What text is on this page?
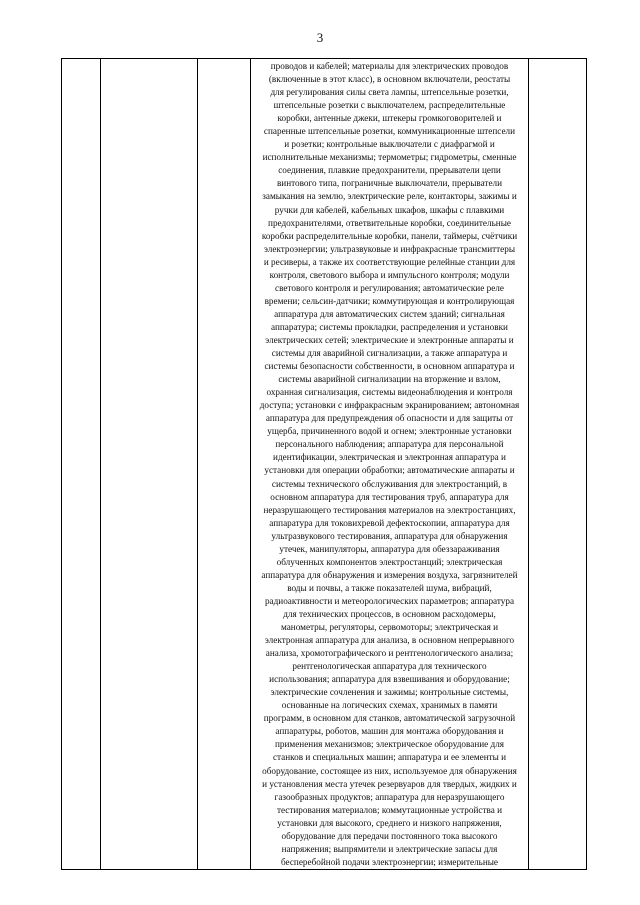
3

проводов и кабелей; материалы для электрических проводов
(включенные в этот класс), в основном включатели, реостаты
для регулирования силы света лампы, штепсельные розетки,
штепсельные розетки с выключателем, распределительные
коробки, антенные джеки, штекеры громкоговорителей и
спаренные штепсельные розетки, коммуникационные штепсели
и розетки; контрольные выключатели с диафрагмой и
исполнительные механизмы; термометры; гидрометры, сменные
соединения, плавкие предохранители, прерыватели цепи
винтового типа, пограничные выключатели, прерыватели
замыкания на землю, электрические реле, контакторы, зажимы и
ручки для кабелей, кабельных шкафов, шкафы с плавкими
предохранителями, ответвительные коробки, соединительные
коробки распределительные коробки, панели, таймеры, счётчики
электроэнергии; ультразвуковые и инфракрасные трансмиттеры
и ресиверы, а также их соответствующие релейные станции для
контроля, светового выбора и импульсного контроля; модули
светового контроля и регулирования; автоматические реле
времени; сельсин-датчики; коммутирующая и контролирующая
аппаратура для автоматических систем зданий; сигнальная
аппаратура; системы прокладки, распределения и установки
электрических сетей; электрические и электронные аппараты и
системы для аварийной сигнализации, а также аппаратура и
системы безопасности собственности, в основном аппаратура и
системы аварийной сигнализации на вторжение и взлом,
охранная сигнализация, системы видеонаблюдения и контроля
доступа; установки с инфракрасным экранированием; автономная
аппаратура для предупреждения об опасности и для защиты от
ущерба, причиненного водой и огнем; электронные установки
персонального наблюдения; аппаратура для персональной
идентификации, электрическая и электронная аппаратура и
установки для операции обработки; автоматические аппараты и
системы технического обслуживания для электростанций, в
основном аппаратура для тестирования труб, аппаратура для
неразрушающего тестирования материалов на электростанциях,
аппаратура для токовихревой дефектоскопии, аппаратура для
ультразвукового тестирования, аппаратура для обнаружения
утечек, манипуляторы, аппаратура для обеззараживания
облученных компонентов электростанций; электрическая
аппаратура для обнаружения и измерения воздуха, загрязнителей
воды и почвы, а также показателей шума, вибраций,
радиоактивности и метеорологических параметров; аппаратура
для технических процессов, в основном расходомеры,
манометры, регуляторы, сервомоторы; электрическая и
электронная аппаратура для анализа, в основном непрерывного
анализа, хромотографического и рентгенологического анализа;
рентгенологическая аппаратура для технического
использования; аппаратура для взвешивания и оборудование;
электрические сочленения и зажимы; контрольные системы,
основанные на логических схемах, хранимых в памяти
программ, в основном для станков, автоматической загрузочной
аппаратуры, роботов, машин для монтажа оборудования и
применения механизмов; электрическое оборудование для
станков и специальных машин; аппаратура и ее элементы и
оборудование, состоящее из них, используемое для обнаружения
и установления места утечек резервуаров для твердых, жидких и
газообразных продуктов; аппаратура для неразрушающего
тестирования материалов; коммутационные устройства и
установки для высокого, среднего и низкого напряжения,
оборудование для передачи постоянного тока высокого
напряжения; выпрямители и электрические запасы для
бесперебойной подачи электроэнергии; измерительные
